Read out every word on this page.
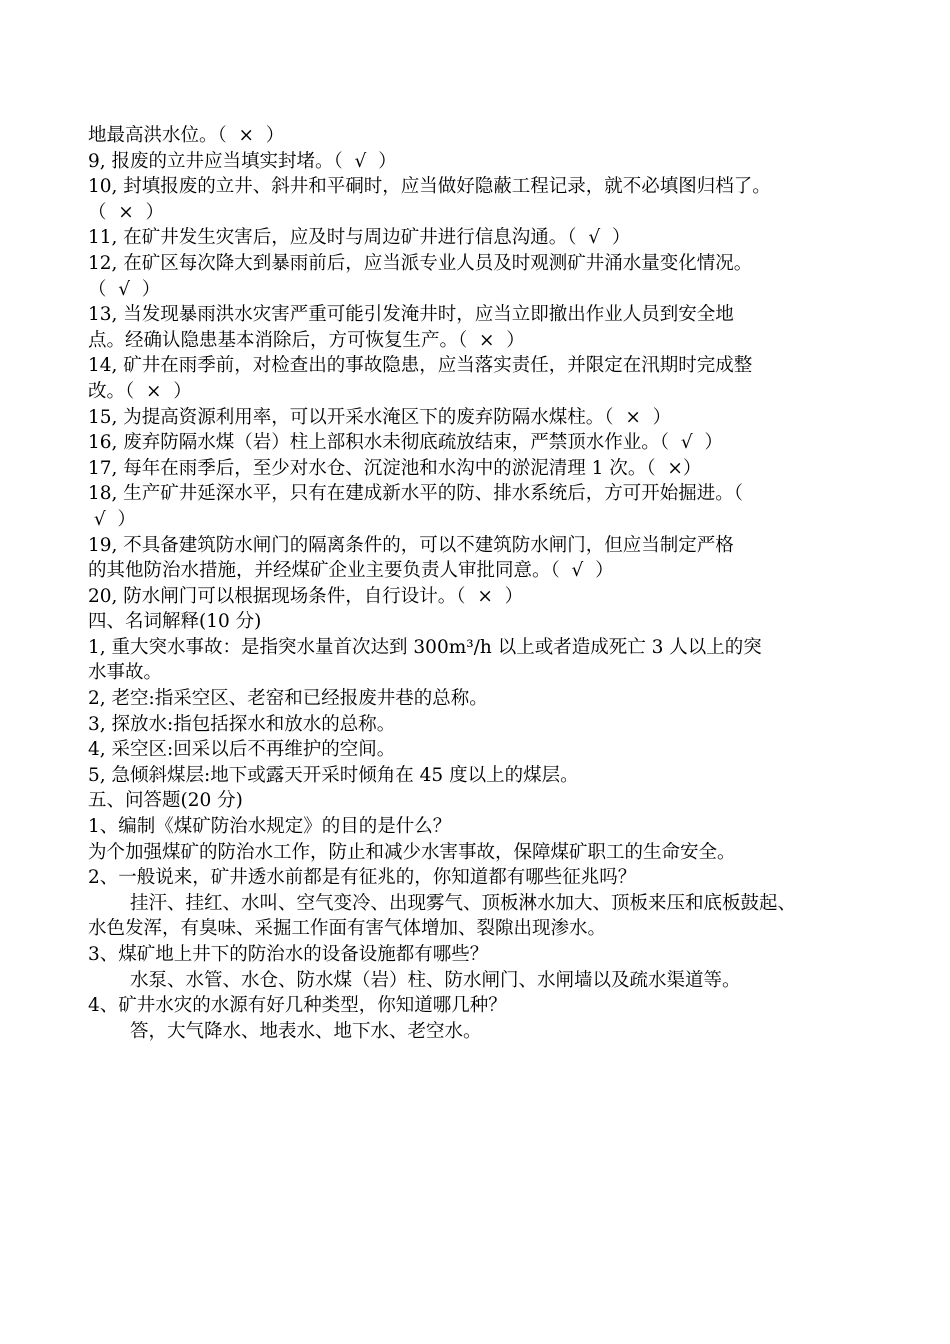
地最高洪水位。（  ×  ）
9, 报废的立井应当填实封堵。（  √  ）
10, 封填报废的立井、斜井和平硐时，应当做好隐蔽工程记录，就不必填图归档了。
（  ×  ）
11, 在矿井发生灾害后，应及时与周边矿井进行信息沟通。（  √  ）
12, 在矿区每次降大到暴雨前后，应当派专业人员及时观测矿井涌水量变化情况。
（  √  ）
13, 当发现暴雨洪水灾害严重可能引发淹井时，应当立即撤出作业人员到安全地
点。经确认隐患基本消除后，方可恢复生产。（  ×  ）
14, 矿井在雨季前，对检查出的事故隐患，应当落实责任，并限定在汛期时完成整
改。（  ×  ）
15, 为提高资源利用率，可以开采水淹区下的废弃防隔水煤柱。（  ×  ）
16, 废弃防隔水煤（岩）柱上部积水未彻底疏放结束，严禁顶水作业。（  √  ）
17, 每年在雨季后，至少对水仓、沉淀池和水沟中的淤泥清理 1 次。（  ×）
18, 生产矿井延深水平，只有在建成新水平的防、排水系统后，方可开始掘进。（
√  ）
19, 不具备建筑防水闸门的隔离条件的，可以不建筑防水闸门，但应当制定严格
的其他防治水措施，并经煤矿企业主要负责人审批同意。（  √  ）
20, 防水闸门可以根据现场条件，自行设计。（  ×  ）
四、名词解释(10 分)
1, 重大突水事故：是指突水量首次达到 300m³/h 以上或者造成死亡 3 人以上的突
水事故。
2, 老空:指采空区、老窑和已经报废井巷的总称。
3, 探放水:指包括探水和放水的总称。
4, 采空区:回采以后不再维护的空间。
5, 急倾斜煤层:地下或露天开采时倾角在 45 度以上的煤层。
五、问答题(20 分)
1、编制《煤矿防治水规定》的目的是什么？
为个加强煤矿的防治水工作，防止和减少水害事故，保障煤矿职工的生命安全。
2、一般说来，矿井透水前都是有征兆的，你知道都有哪些征兆吗？
挂汗、挂红、水叫、空气变冷、出现雾气、顶板淋水加大、顶板来压和底板鼓起、
水色发浑，有臭味、采掘工作面有害气体增加、裂隙出现渗水。
3、煤矿地上井下的防治水的设备设施都有哪些？
水泵、水管、水仓、防水煤（岩）柱、防水闸门、水闸墙以及疏水渠道等。
4、矿井水灾的水源有好几种类型，你知道哪几种？
答，大气降水、地表水、地下水、老空水。
